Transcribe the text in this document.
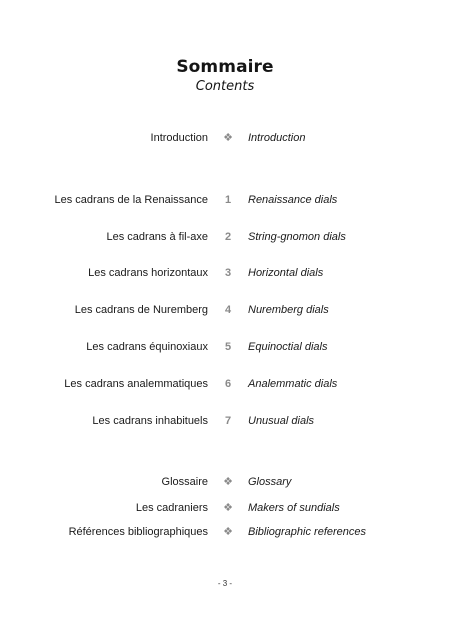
Sommaire
Contents
Introduction	❖	Introduction
Les cadrans de la Renaissance	1	Renaissance dials
Les cadrans à fil-axe	2	String-gnomon dials
Les cadrans horizontaux	3	Horizontal dials
Les cadrans de Nuremberg	4	Nuremberg dials
Les cadrans équinoxiaux	5	Equinoctial dials
Les cadrans analemmatiques	6	Analemmatic dials
Les cadrans inhabituels	7	Unusual dials
Glossaire	❖	Glossary
Les cadraniers	❖	Makers of sundials
Références bibliographiques	❖	Bibliographic references
- 3 -
